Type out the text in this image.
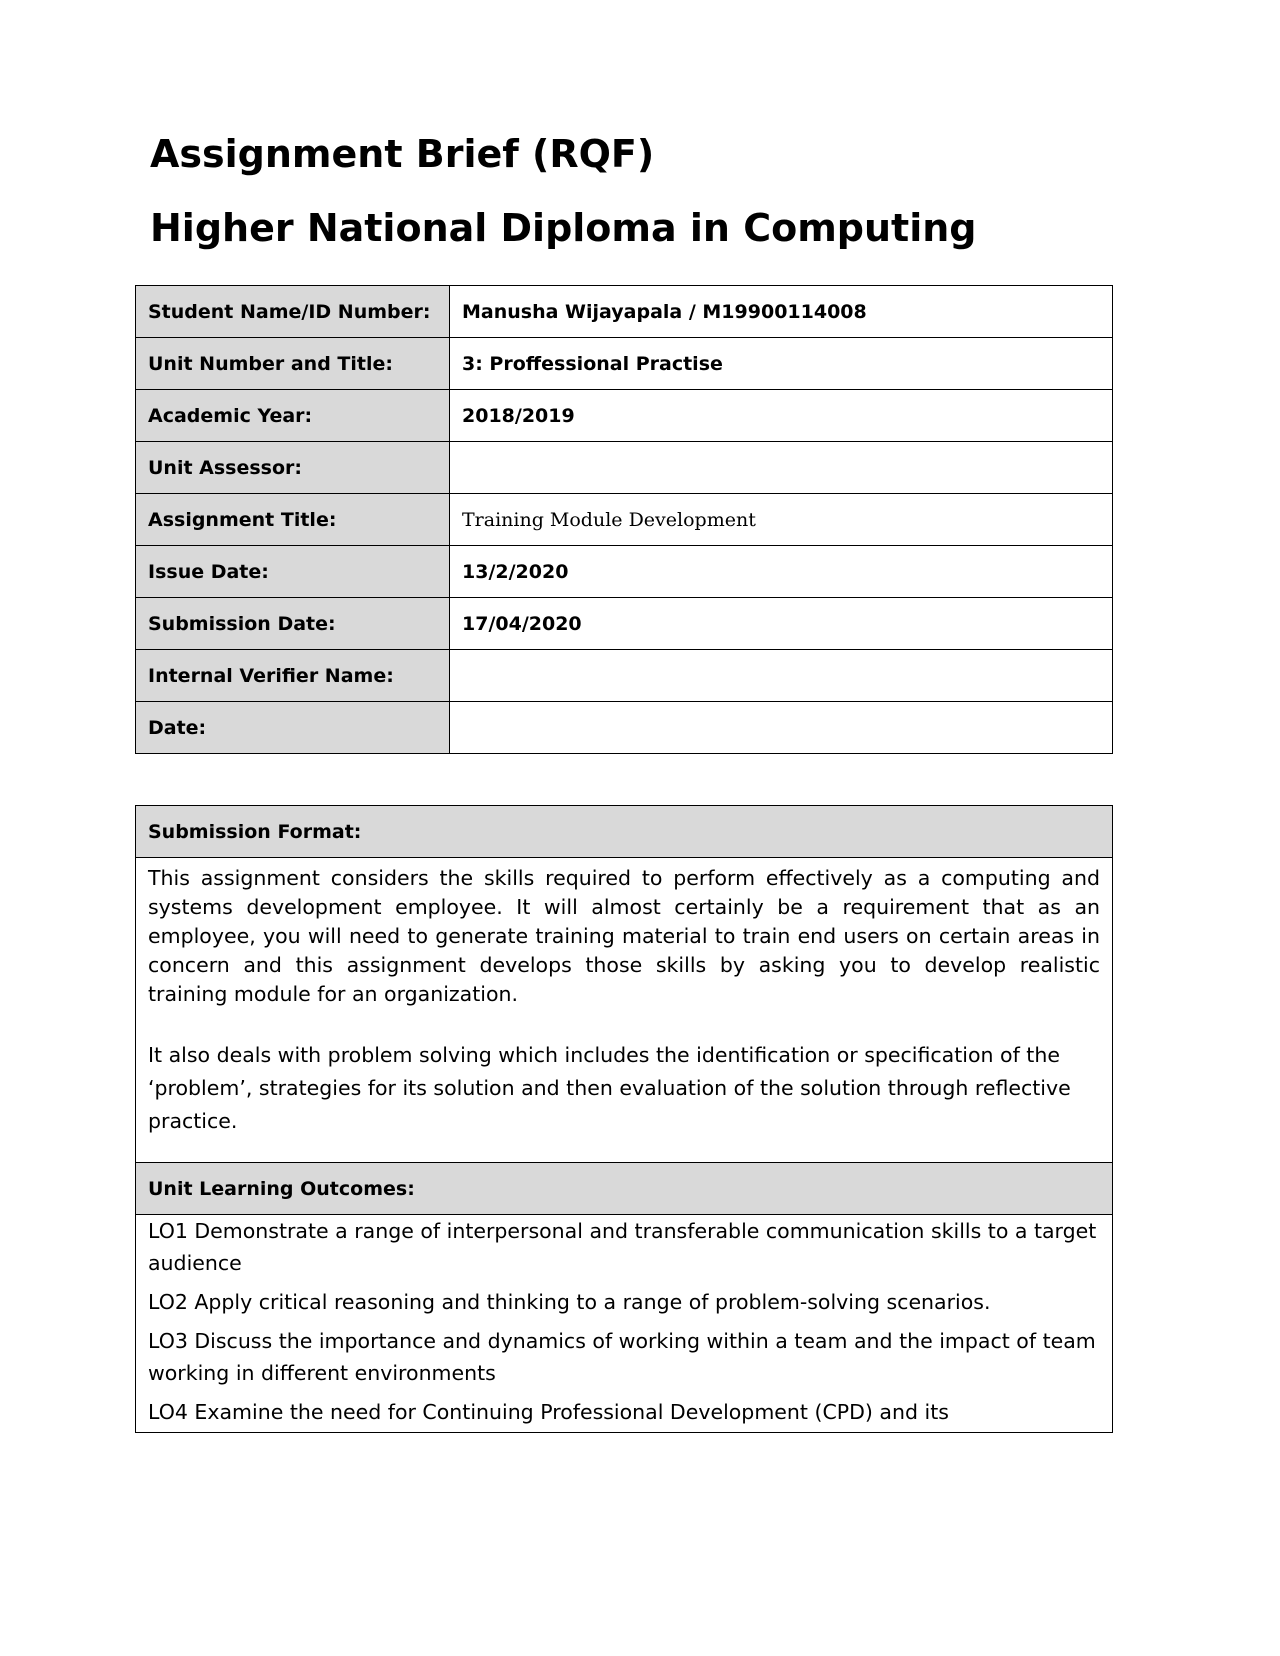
Assignment Brief (RQF)
Higher National Diploma in Computing
Student Name/ID Number:	Manusha Wijayapala / M19900114008
Unit Number and Title:	3: Proffessional Practise
Academic Year:	2018/2019
Unit Assessor:	
Assignment Title:	Training Module Development
Issue Date:	13/2/2020
Submission Date:	17/04/2020
Internal Verifier Name:	
Date:	
Submission Format:

This assignment considers the skills required to perform effectively as a computing and systems development employee. It will almost certainly be a requirement that as an employee, you will need to generate training material to train end users on certain areas in concern and this assignment develops those skills by asking you to develop realistic training module for an organization.

It also deals with problem solving which includes the identification or specification of the ‘problem’, strategies for its solution and then evaluation of the solution through reflective practice.

Unit Learning Outcomes:

LO1 Demonstrate a range of interpersonal and transferable communication skills to a target audience

LO2 Apply critical reasoning and thinking to a range of problem-solving scenarios.

LO3 Discuss the importance and dynamics of working within a team and the impact of team working in different environments

LO4 Examine the need for Continuing Professional Development (CPD) and its
